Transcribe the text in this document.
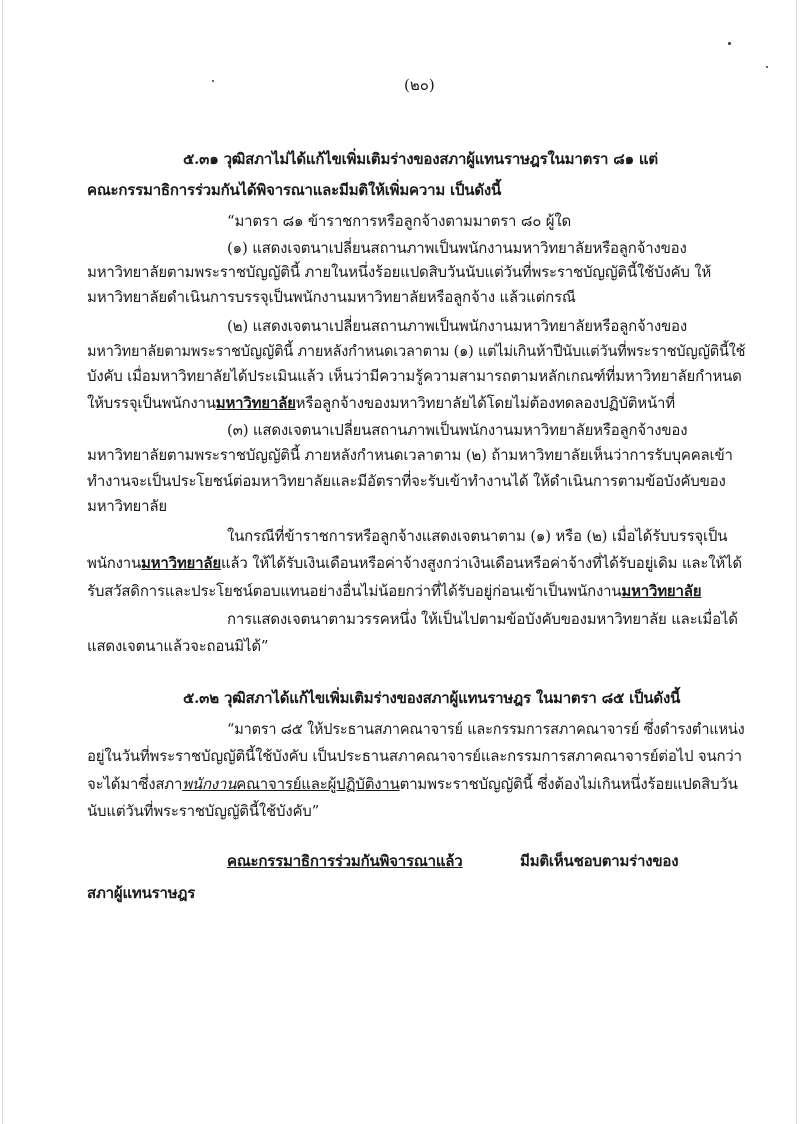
(๒๐)
๕.๓๑ วุฒิสภาไม่ได้แก้ไขเพิ่มเติมร่างของสภาผู้แทนราษฎรในมาตรา ๘๑ แต่
คณะกรรมาธิการร่วมกันได้พิจารณาและมีมติให้เพิ่มความ เป็นดังนี้
“มาตรา ๘๑ ข้าราชการหรือลูกจ้างตามมาตรา ๘๐ ผู้ใด
(๑) แสดงเจตนาเปลี่ยนสถานภาพเป็นพนักงานมหาวิทยาลัยหรือลูกจ้างของ
มหาวิทยาลัยตามพระราชบัญญัตินี้ ภายในหนึ่งร้อยแปดสิบวันนับแต่วันที่พระราชบัญญัตินี้ใช้บังคับ ให้
มหาวิทยาลัยดำเนินการบรรจุเป็นพนักงานมหาวิทยาลัยหรือลูกจ้าง แล้วแต่กรณี
(๒) แสดงเจตนาเปลี่ยนสถานภาพเป็นพนักงานมหาวิทยาลัยหรือลูกจ้างของ
มหาวิทยาลัยตามพระราชบัญญัตินี้ ภายหลังกำหนดเวลาตาม (๑) แต่ไม่เกินห้าปีนับแต่วันที่พระราชบัญญัตินี้ใช้
บังคับ เมื่อมหาวิทยาลัยได้ประเมินแล้ว เห็นว่ามีความรู้ความสามารถตามหลักเกณฑ์ที่มหาวิทยาลัยกำหนด
ให้บรรจุเป็นพนักงานมหาวิทยาลัยหรือลูกจ้างของมหาวิทยาลัยได้โดยไม่ต้องทดลองปฏิบัติหน้าที่
(๓) แสดงเจตนาเปลี่ยนสถานภาพเป็นพนักงานมหาวิทยาลัยหรือลูกจ้างของ
มหาวิทยาลัยตามพระราชบัญญัตินี้ ภายหลังกำหนดเวลาตาม (๒) ถ้ามหาวิทยาลัยเห็นว่าการรับบุคคลเข้า
ทำงานจะเป็นประโยชน์ต่อมหาวิทยาลัยและมีอัตราที่จะรับเข้าทำงานได้ ให้ดำเนินการตามข้อบังคับของ
มหาวิทยาลัย
ในกรณีที่ข้าราชการหรือลูกจ้างแสดงเจตนาตาม (๑) หรือ (๒) เมื่อได้รับบรรจุเป็น
พนักงานมหาวิทยาลัยแล้ว ให้ได้รับเงินเดือนหรือค่าจ้างสูงกว่าเงินเดือนหรือค่าจ้างที่ได้รับอยู่เดิม และให้ได้
รับสวัสดิการและประโยชน์ตอบแทนอย่างอื่นไม่น้อยกว่าที่ได้รับอยู่ก่อนเข้าเป็นพนักงานมหาวิทยาลัย
การแสดงเจตนาตามวรรคหนึ่ง ให้เป็นไปตามข้อบังคับของมหาวิทยาลัย และเมื่อได้
แสดงเจตนาแล้วจะถอนมิได้”
๕.๓๒ วุฒิสภาได้แก้ไขเพิ่มเติมร่างของสภาผู้แทนราษฎร ในมาตรา ๘๕ เป็นดังนี้
“มาตรา ๘๕ ให้ประธานสภาคณาจารย์ และกรรมการสภาคณาจารย์ ซึ่งดำรงตำแหน่ง
อยู่ในวันที่พระราชบัญญัตินี้ใช้บังคับ เป็นประธานสภาคณาจารย์และกรรมการสภาคณาจารย์ต่อไป จนกว่า
จะได้มาซึ่งสภาพนักงานคณาจารย์และผู้ปฏิบัติงานตามพระราชบัญญัตินี้ ซึ่งต้องไม่เกินหนึ่งร้อยแปดสิบวัน
นับแต่วันที่พระราชบัญญัตินี้ใช้บังคับ”
คณะกรรมาธิการร่วมกันพิจารณาแล้ว	มีมติเห็นชอบตามร่างของ
สภาผู้แทนราษฎร
